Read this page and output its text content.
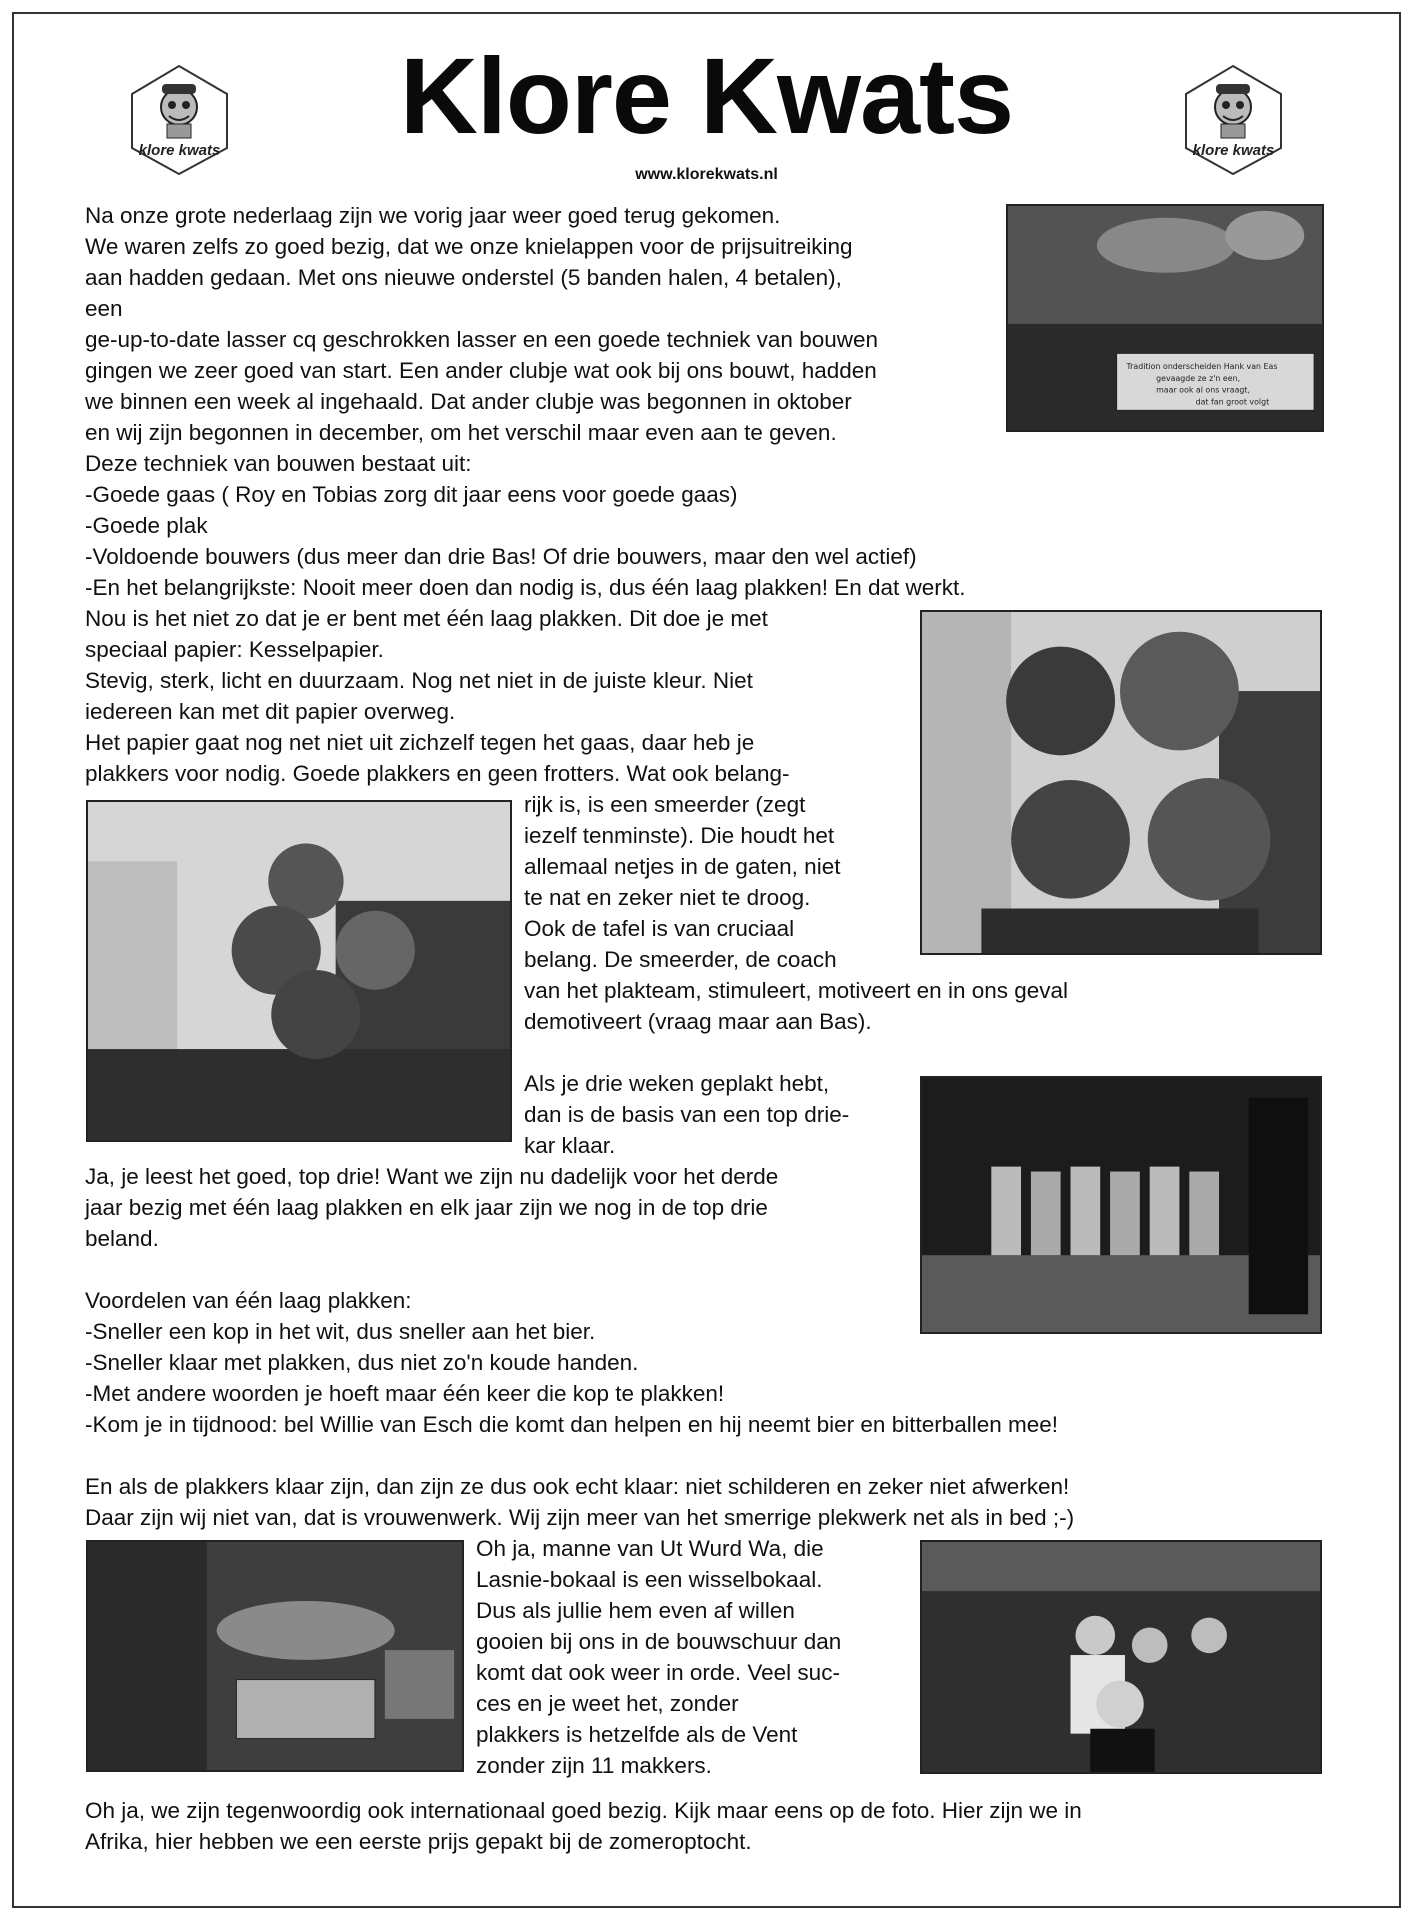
klore kwats	klore kwats
Klore Kwats
www.klorekwats.nl
Tradition onderscheiden Hank van Eas
gevaagde ze z'n een,
maar ook al ons vraagt,
dat fan groot volgt
Na onze grote nederlaag zijn we vorig jaar weer goed terug gekomen.
We waren zelfs zo goed bezig, dat we onze knielappen voor de prijsuitreiking
aan hadden gedaan. Met ons nieuwe onderstel (5 banden halen, 4 betalen),
een
ge-up-to-date lasser cq geschrokken lasser en een goede techniek van bouwen
gingen we zeer goed van start. Een ander clubje wat ook bij ons bouwt, hadden
we binnen een week al ingehaald. Dat ander clubje was begonnen in oktober
en wij zijn begonnen in december, om het verschil maar even aan te geven.
Deze techniek van bouwen bestaat uit:
-Goede gaas ( Roy en Tobias zorg dit jaar eens voor goede gaas)
-Goede plak
-Voldoende bouwers (dus meer dan drie Bas! Of drie bouwers, maar den wel actief)
-En het belangrijkste: Nooit meer doen dan nodig is, dus één laag plakken! En dat werkt.
Nou is het niet zo dat je er bent met één laag plakken. Dit doe je met
speciaal papier: Kesselpapier.
Stevig, sterk, licht en duurzaam. Nog net niet in de juiste kleur. Niet
iedereen kan met dit papier overweg.
Het papier gaat nog net niet uit zichzelf tegen het gaas, daar heb je
plakkers voor nodig. Goede plakkers en geen frotters. Wat ook belang-
rijk is, is een smeerder (zegt
iezelf tenminste). Die houdt het
allemaal netjes in de gaten, niet
te nat en zeker niet te droog.
Ook de tafel is van cruciaal
belang. De smeerder, de coach
van het plakteam, stimuleert, motiveert en in ons geval
demotiveert (vraag maar aan Bas).
Als je drie weken geplakt hebt,
dan is de basis van een top drie-
kar klaar.
Ja, je leest het goed, top drie! Want we zijn nu dadelijk voor het derde
jaar bezig met één laag plakken en elk jaar zijn we nog in de top drie
beland.
Voordelen van één laag plakken:
-Sneller een kop in het wit, dus sneller aan het bier.
-Sneller klaar met plakken, dus niet zo'n koude handen.
-Met andere woorden je hoeft maar één keer die kop te plakken!
-Kom je in tijdnood: bel Willie van Esch die komt dan helpen en hij neemt bier en bitterballen mee!
En als de plakkers klaar zijn, dan zijn ze dus ook echt klaar: niet schilderen en zeker niet afwerken!
Daar zijn wij niet van, dat is vrouwenwerk. Wij zijn meer van het smerrige plekwerk net als in bed ;-)
Oh ja, manne van Ut Wurd Wa, die
Lasnie-bokaal is een wisselbokaal.
Dus als jullie hem even af willen
gooien bij ons in de bouwschuur dan
komt dat ook weer in orde. Veel suc-
ces en je weet het, zonder
plakkers is hetzelfde als de Vent
zonder zijn 11 makkers.
Oh ja, we zijn tegenwoordig ook internationaal goed bezig. Kijk maar eens op de foto. Hier zijn we in
Afrika, hier hebben we een eerste prijs gepakt bij de zomeroptocht.
